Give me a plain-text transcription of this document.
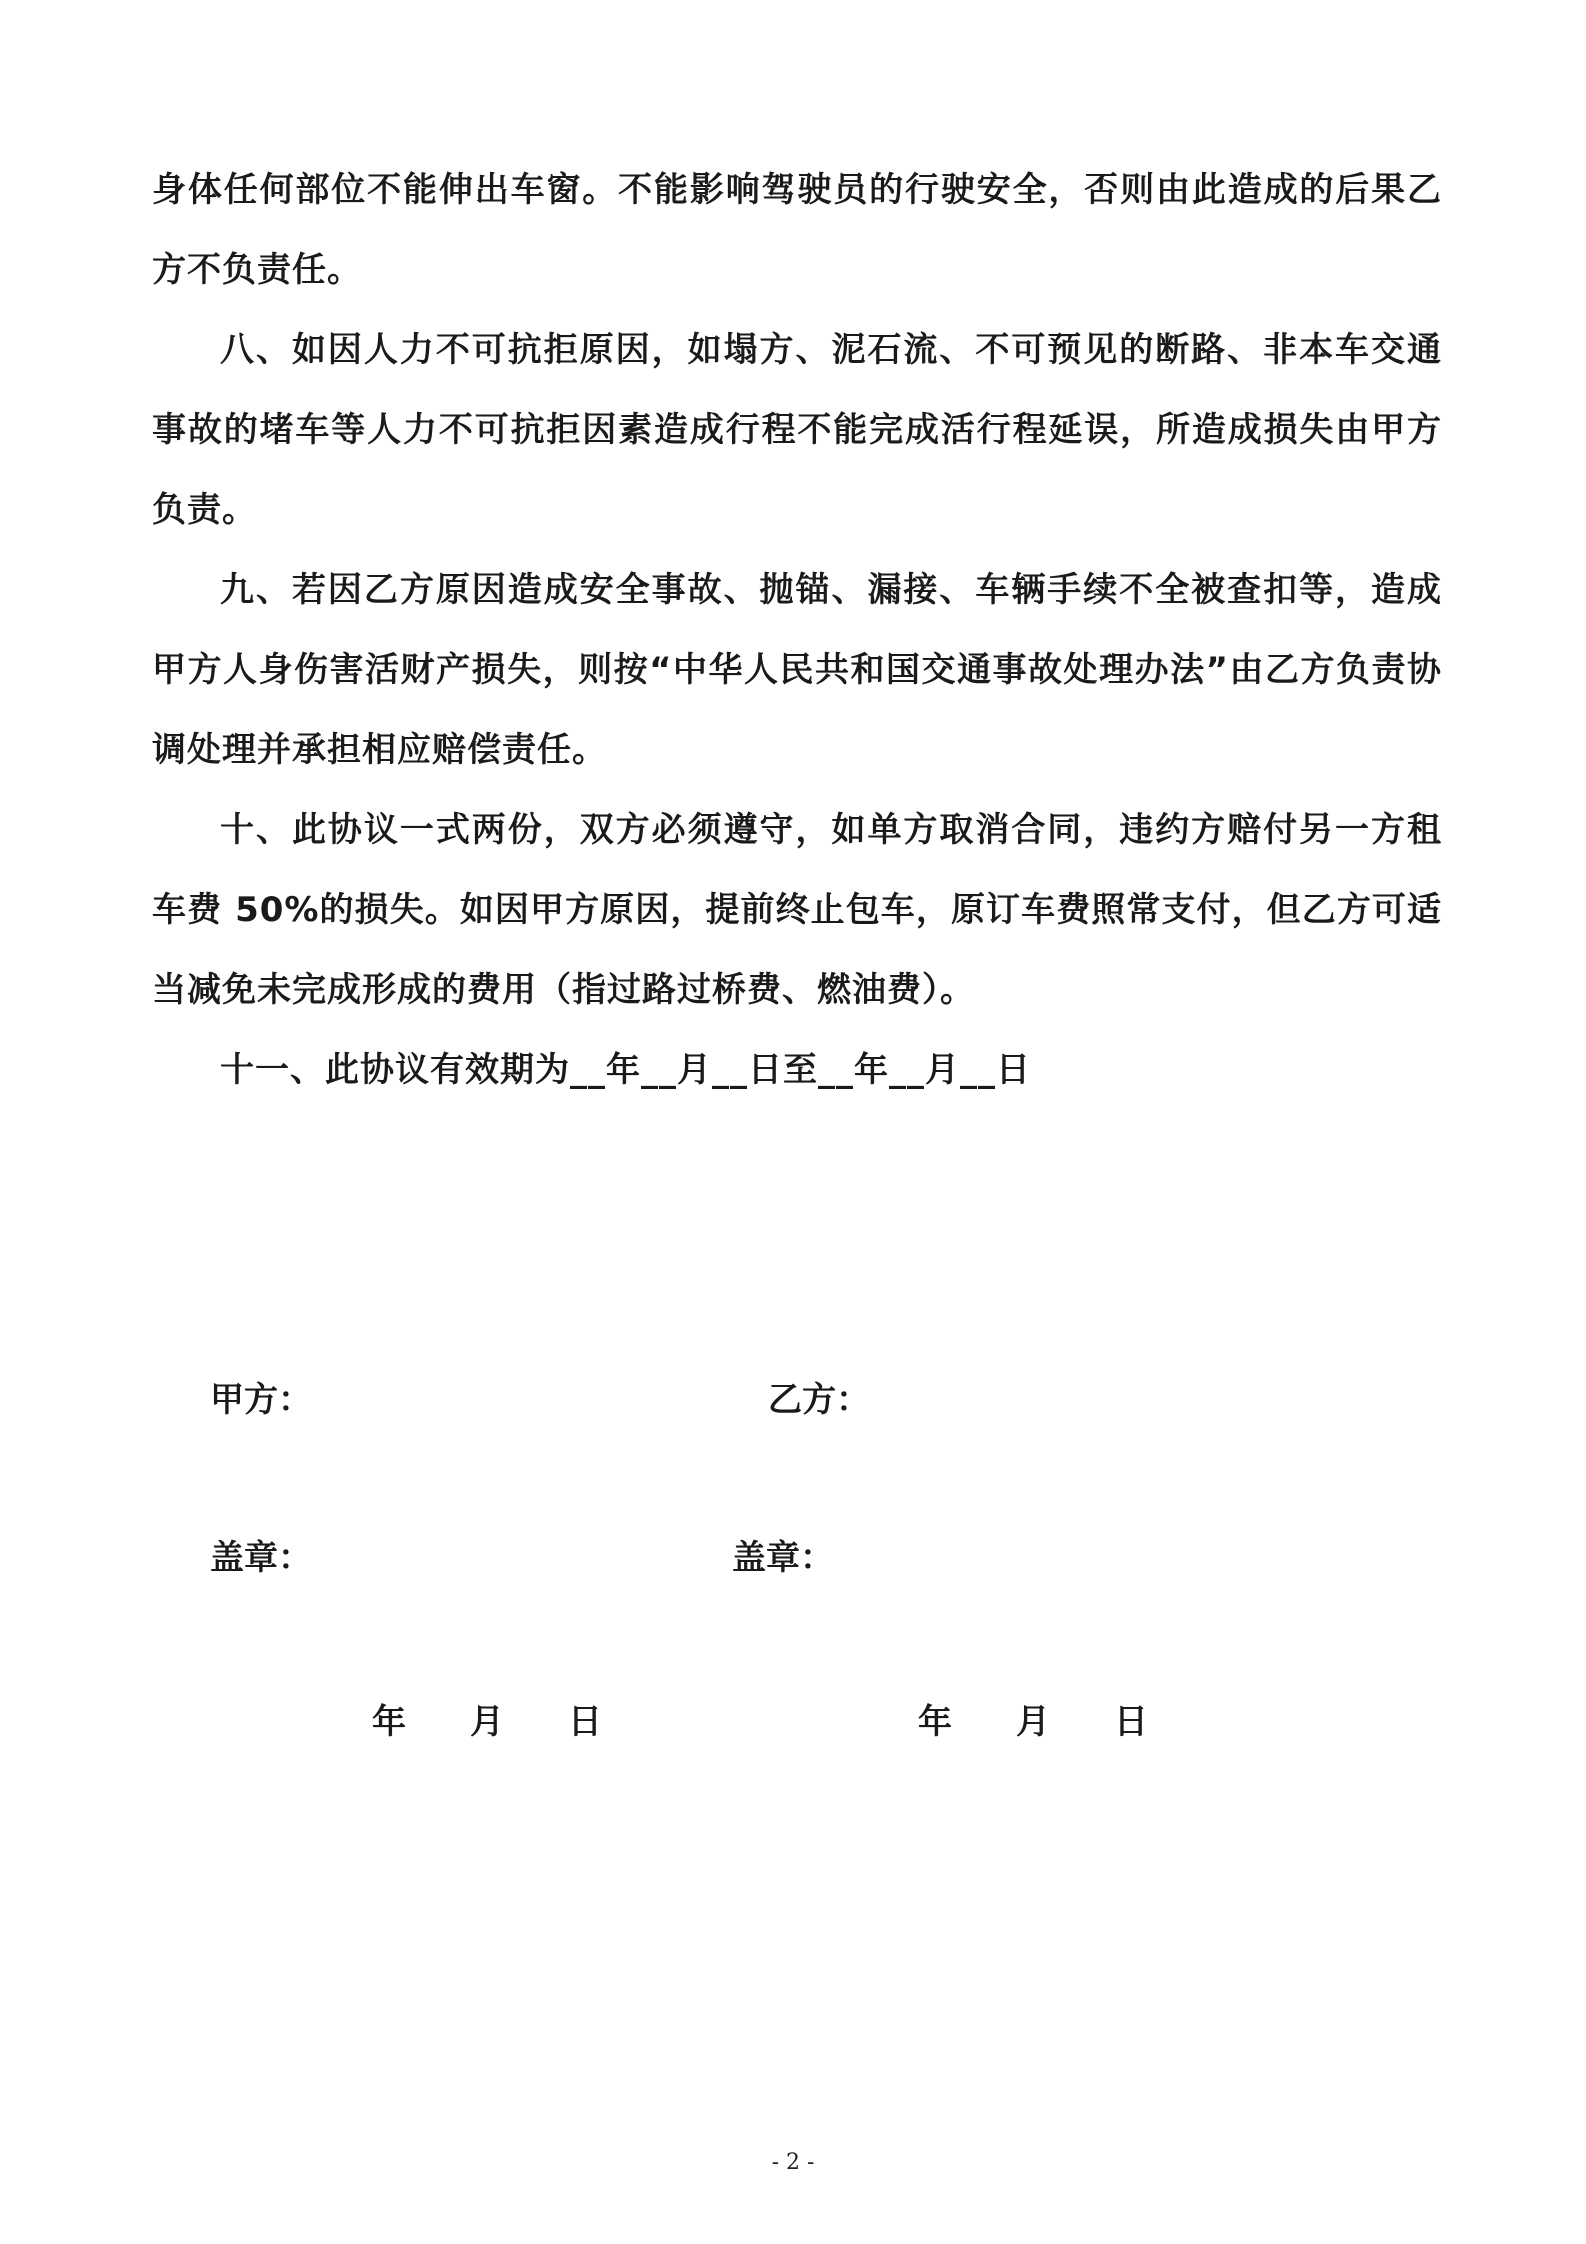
身体任何部位不能伸出车窗。不能影响驾驶员的行驶安全，否则由此造成的后果乙方不负责任。

八、如因人力不可抗拒原因，如塌方、泥石流、不可预见的断路、非本车交通事故的堵车等人力不可抗拒因素造成行程不能完成活行程延误，所造成损失由甲方负责。

九、若因乙方原因造成安全事故、抛锚、漏接、车辆手续不全被查扣等，造成甲方人身伤害活财产损失，则按“中华人民共和国交通事故处理办法”由乙方负责协调处理并承担相应赔偿责任。

十、此协议一式两份，双方必须遵守，如单方取消合同，违约方赔付另一方租车费 50%的损失。如因甲方原因，提前终止包车，原订车费照常支付，但乙方可适当减免未完成形成的费用（指过路过桥费、燃油费）。

十一、此协议有效期为__年__月__日至__年__月__日

甲方：	乙方：
盖章：	盖章：
年 月 日	年 月 日
- 2 -
